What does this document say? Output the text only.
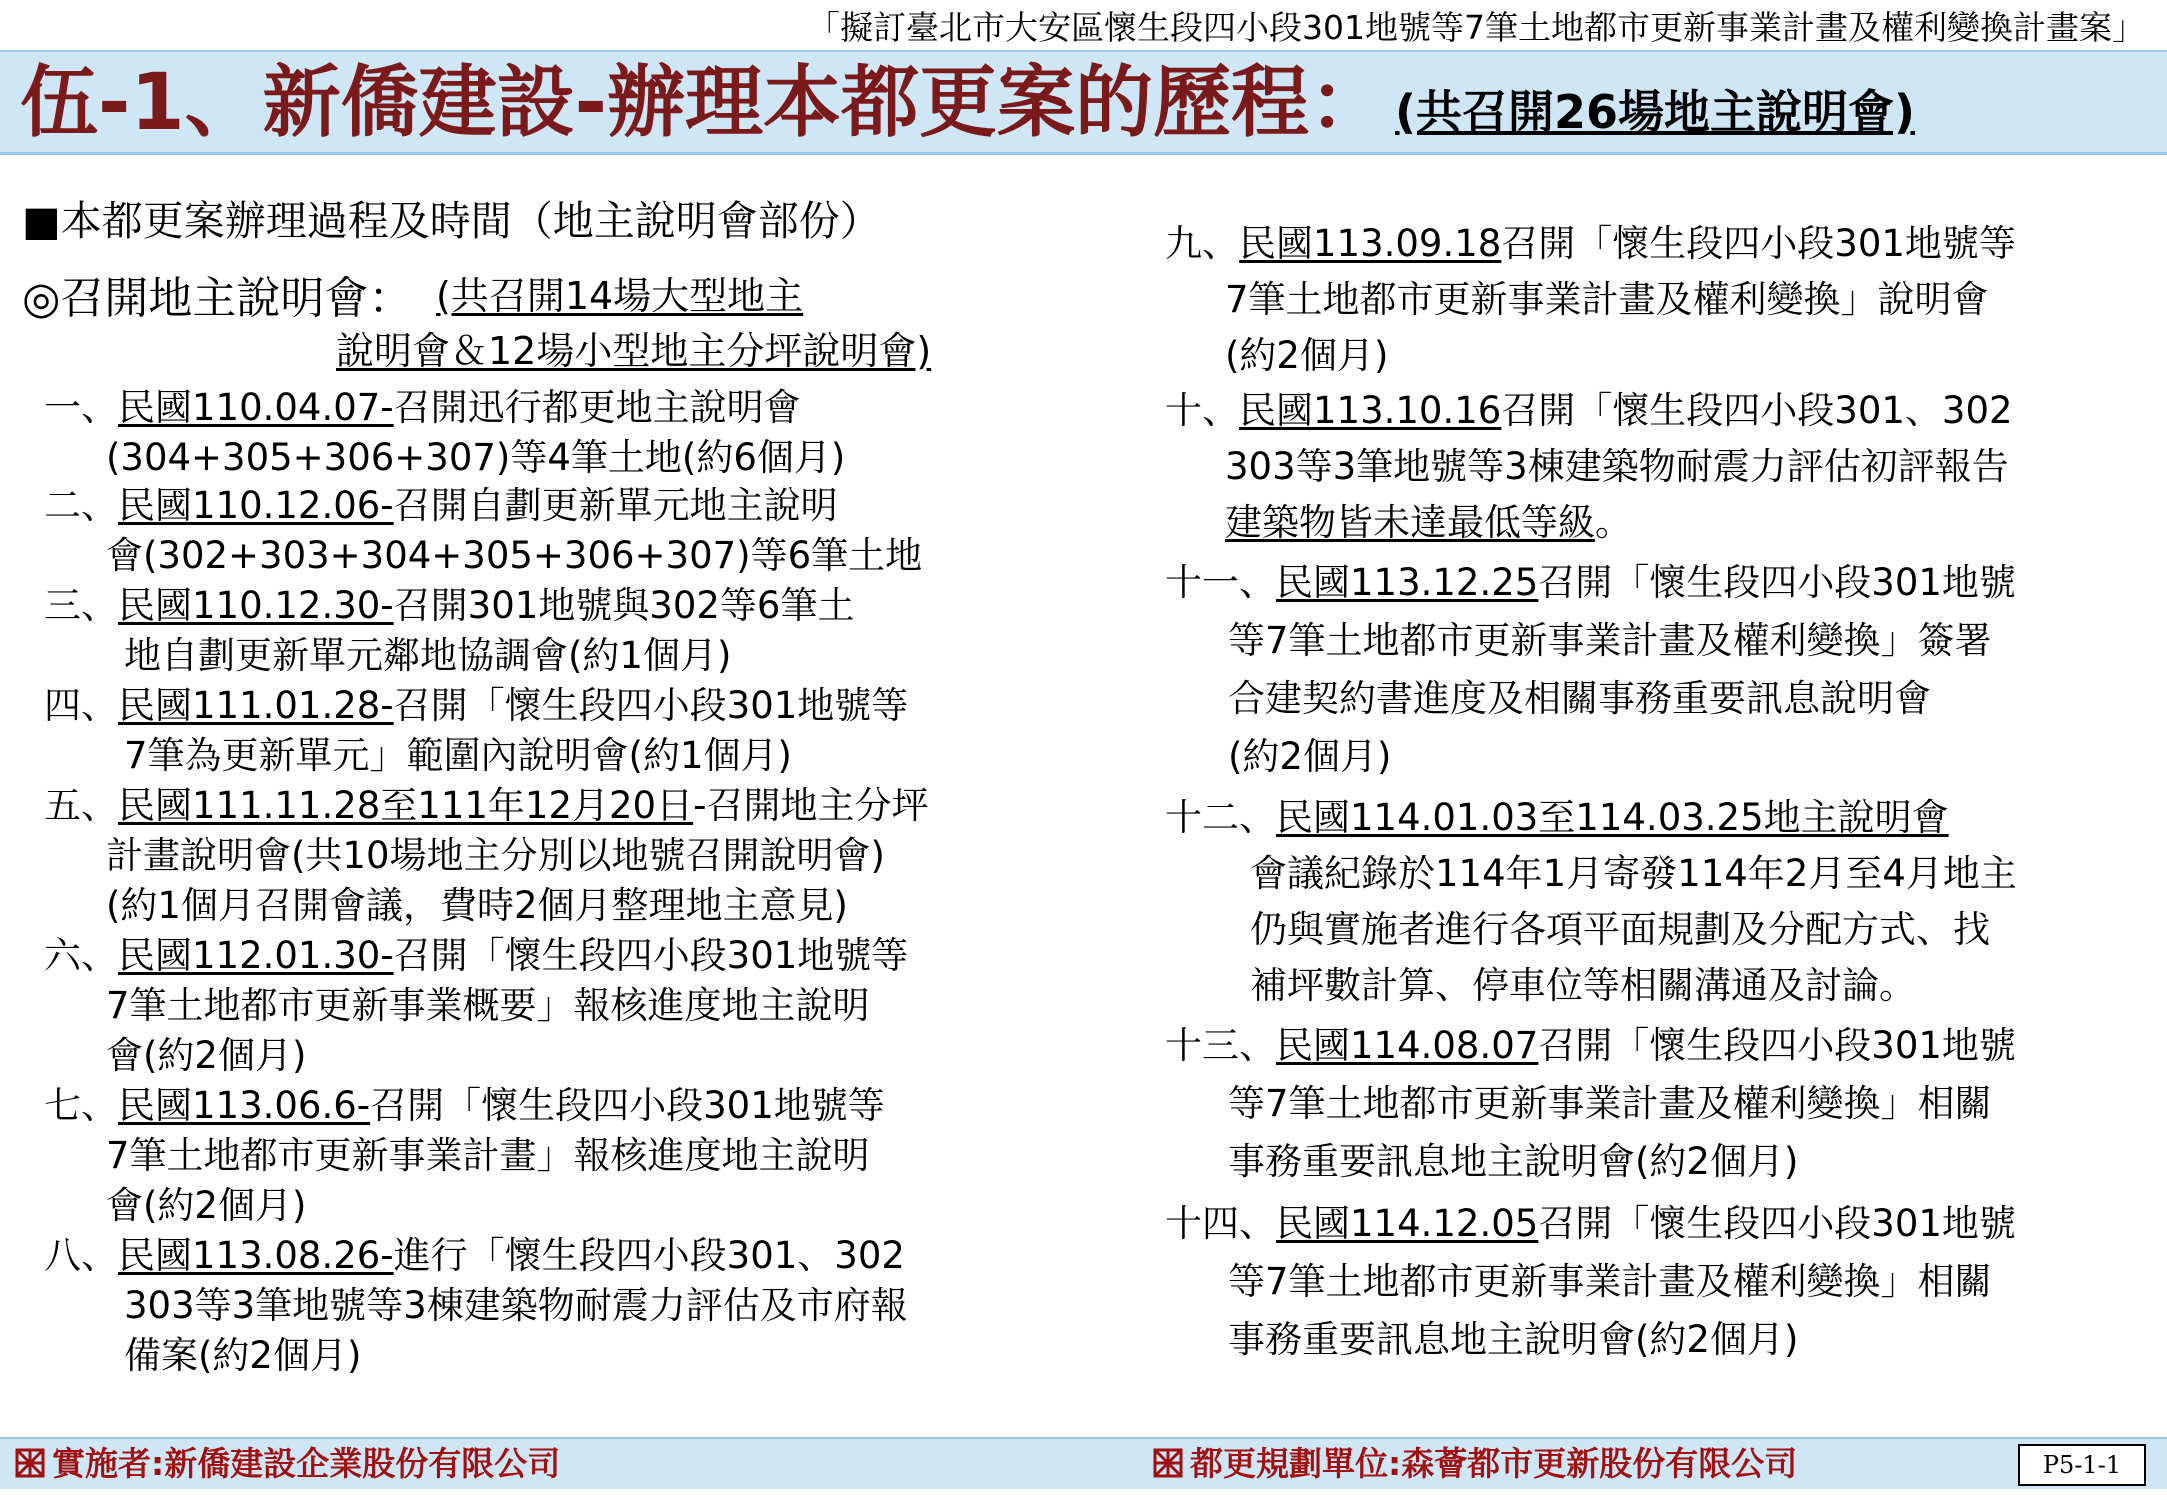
「擬訂臺北市大安區懷生段四小段301地號等7筆土地都市更新事業計畫及權利變換計畫案」
伍-1、新僑建設-辦理本都更案的歷程： (共召開26場地主說明會)
■本都更案辦理過程及時間（地主說明會部份）
◎召開地主說明會： (共召開14場大型地主
說明會＆12場小型地主分坪說明會)
一、民國110.04.07-召開迅行都更地主說明會
(304+305+306+307)等4筆土地(約6個月)
二、民國110.12.06-召開自劃更新單元地主說明
會(302+303+304+305+306+307)等6筆土地
三、民國110.12.30-召開301地號與302等6筆土
地自劃更新單元鄰地協調會(約1個月)
四、民國111.01.28-召開「懷生段四小段301地號等
7筆為更新單元」範圍內說明會(約1個月)
五、民國111.11.28至111年12月20日-召開地主分坪
計畫說明會(共10場地主分別以地號召開說明會)
(約1個月召開會議，費時2個月整理地主意見)
六、民國112.01.30-召開「懷生段四小段301地號等
7筆土地都市更新事業概要」報核進度地主說明
會(約2個月)
七、民國113.06.6-召開「懷生段四小段301地號等
7筆土地都市更新事業計畫」報核進度地主說明
會(約2個月)
八、民國113.08.26-進行「懷生段四小段301、302
303等3筆地號等3棟建築物耐震力評估及市府報
備案(約2個月)
九、民國113.09.18召開「懷生段四小段301地號等
7筆土地都市更新事業計畫及權利變換」說明會
(約2個月)
十、民國113.10.16召開「懷生段四小段301、302
303等3筆地號等3棟建築物耐震力評估初評報告
建築物皆未達最低等級。
十一、民國113.12.25召開「懷生段四小段301地號
等7筆土地都市更新事業計畫及權利變換」簽署
合建契約書進度及相關事務重要訊息說明會
(約2個月)
十二、民國114.01.03至114.03.25地主說明會
會議紀錄於114年1月寄發114年2月至4月地主
仍與實施者進行各項平面規劃及分配方式、找
補坪數計算、停車位等相關溝通及討論。
十三、民國114.08.07召開「懷生段四小段301地號
等7筆土地都市更新事業計畫及權利變換」相關
事務重要訊息地主說明會(約2個月)
十四、民國114.12.05召開「懷生段四小段301地號
等7筆土地都市更新事業計畫及權利變換」相關
事務重要訊息地主說明會(約2個月)
實施者:新僑建設企業股份有限公司	都更規劃單位:森薈都市更新股份有限公司	P5-1-1
